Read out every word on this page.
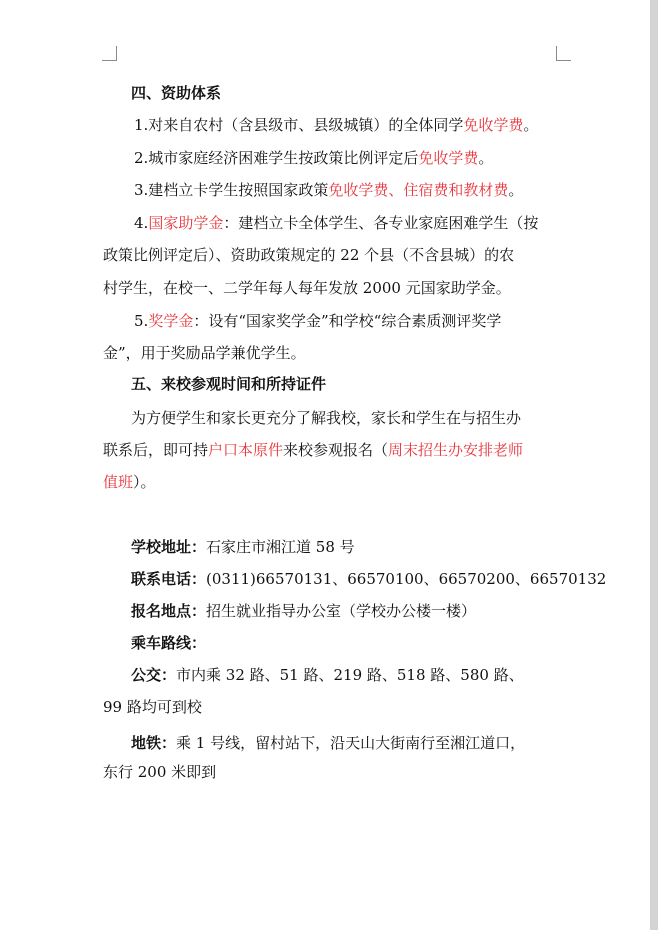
四、资助体系
1.对来自农村（含县级市、县级城镇）的全体同学免收学费。
2.城市家庭经济困难学生按政策比例评定后免收学费。
3.建档立卡学生按照国家政策免收学费、住宿费和教材费。
4.国家助学金：建档立卡全体学生、各专业家庭困难学生（按
政策比例评定后）、资助政策规定的 22 个县（不含县城）的农
村学生，在校一、二学年每人每年发放 2000 元国家助学金。
5.奖学金：设有“国家奖学金”和学校“综合素质测评奖学
金”，用于奖励品学兼优学生。
五、来校参观时间和所持证件
为方便学生和家长更充分了解我校，家长和学生在与招生办
联系后，即可持户口本原件来校参观报名（周末招生办安排老师
值班）。
学校地址：石家庄市湘江道 58 号
联系电话：(0311)66570131、66570100、66570200、66570132
报名地点：招生就业指导办公室（学校办公楼一楼）
乘车路线：
公交：市内乘 32 路、51 路、219 路、518 路、580 路、
99 路均可到校
地铁：乘 1 号线，留村站下，沿天山大街南行至湘江道口，
东行 200 米即到
